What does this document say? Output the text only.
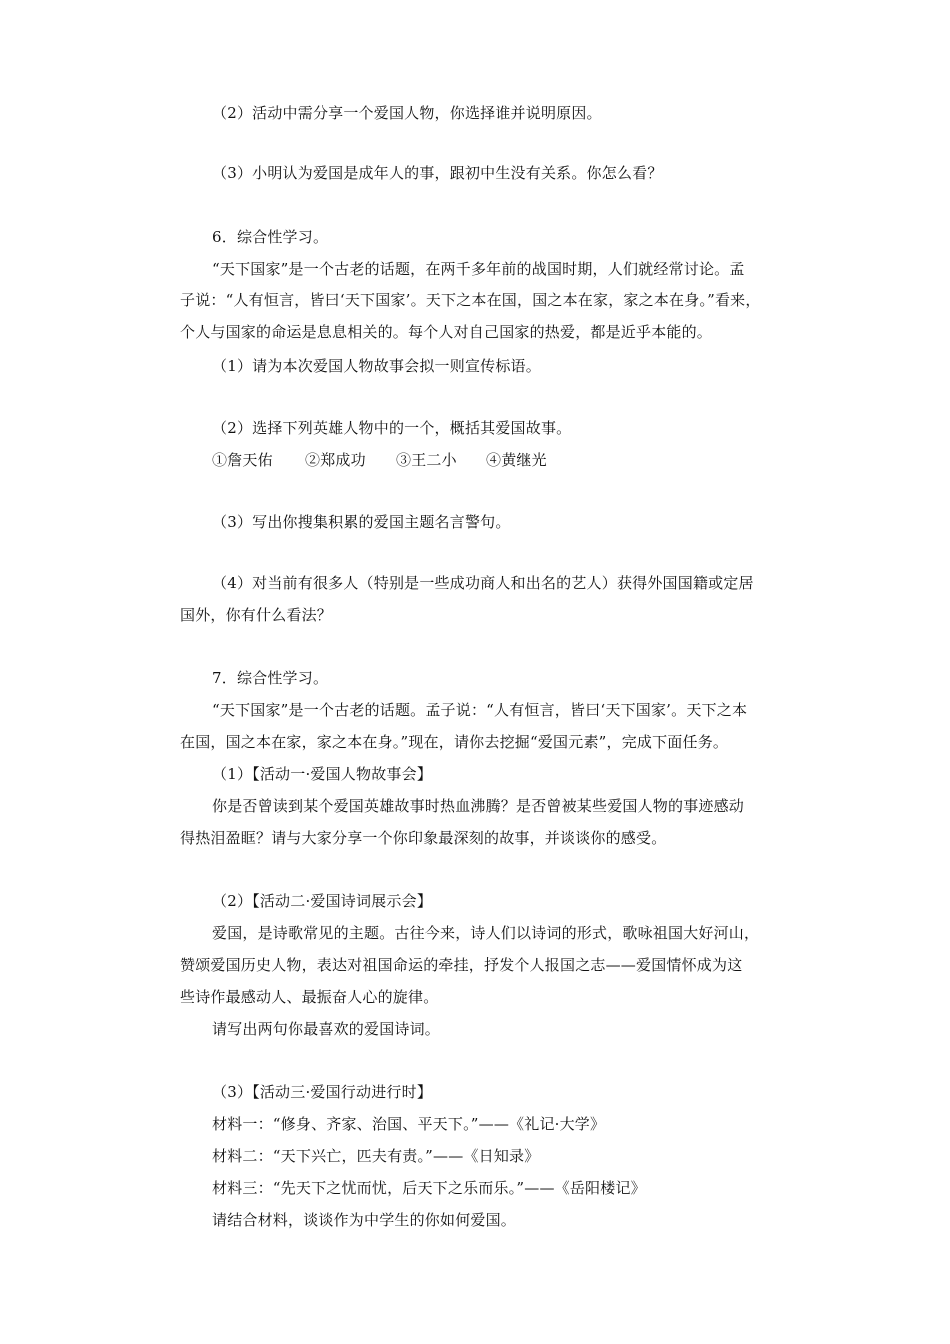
（2）活动中需分享一个爱国人物，你选择谁并说明原因。
（3）小明认为爱国是成年人的事，跟初中生没有关系。你怎么看？
6．综合性学习。
“天下国家”是一个古老的话题，在两千多年前的战国时期，人们就经常讨论。孟
子说：“人有恒言，皆曰‘天下国家’。天下之本在国，国之本在家，家之本在身。”看来，
个人与国家的命运是息息相关的。每个人对自己国家的热爱，都是近乎本能的。
（1）请为本次爱国人物故事会拟一则宣传标语。
（2）选择下列英雄人物中的一个，概括其爱国故事。
①詹天佑 ②郑成功 ③王二小 ④黄继光
（3）写出你搜集积累的爱国主题名言警句。
（4）对当前有很多人（特别是一些成功商人和出名的艺人）获得外国国籍或定居
国外，你有什么看法？
7．综合性学习。
“天下国家”是一个古老的话题。孟子说：“人有恒言，皆曰‘天下国家’。天下之本
在国，国之本在家，家之本在身。”现在，请你去挖掘“爱国元素”，完成下面任务。
（1）【活动一·爱国人物故事会】
你是否曾读到某个爱国英雄故事时热血沸腾？是否曾被某些爱国人物的事迹感动
得热泪盈眶？请与大家分享一个你印象最深刻的故事，并谈谈你的感受。
（2）【活动二·爱国诗词展示会】
爱国，是诗歌常见的主题。古往今来，诗人们以诗词的形式，歌咏祖国大好河山，
赞颂爱国历史人物，表达对祖国命运的牵挂，抒发个人报国之志——爱国情怀成为这
些诗作最感动人、最振奋人心的旋律。
请写出两句你最喜欢的爱国诗词。
（3）【活动三·爱国行动进行时】
材料一：“修身、齐家、治国、平天下。”——《礼记·大学》
材料二：“天下兴亡，匹夫有责。”——《日知录》
材料三：“先天下之忧而忧，后天下之乐而乐。”——《岳阳楼记》
请结合材料，谈谈作为中学生的你如何爱国。
